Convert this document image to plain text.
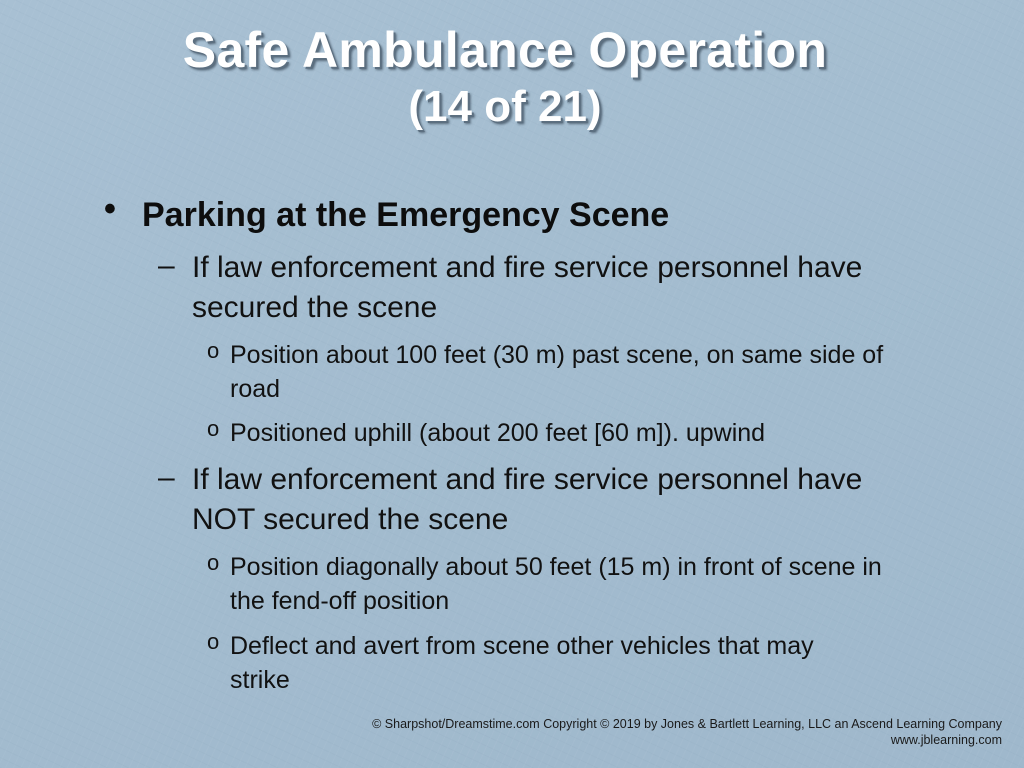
Safe Ambulance Operation
(14 of 21)
• Parking at the Emergency Scene
– If law enforcement and fire service personnel have secured the scene
o Position about 100 feet (30 m) past scene, on same side of road
o Positioned uphill (about 200 feet [60 m]). upwind
– If law enforcement and fire service personnel have NOT secured the scene
o Position diagonally about 50 feet (15 m) in front of scene in the fend-off position
o Deflect and avert from scene other vehicles that may strike
© Sharpshot/Dreamstime.com Copyright © 2019 by Jones & Bartlett Learning, LLC an Ascend Learning Company
www.jblearning.com
